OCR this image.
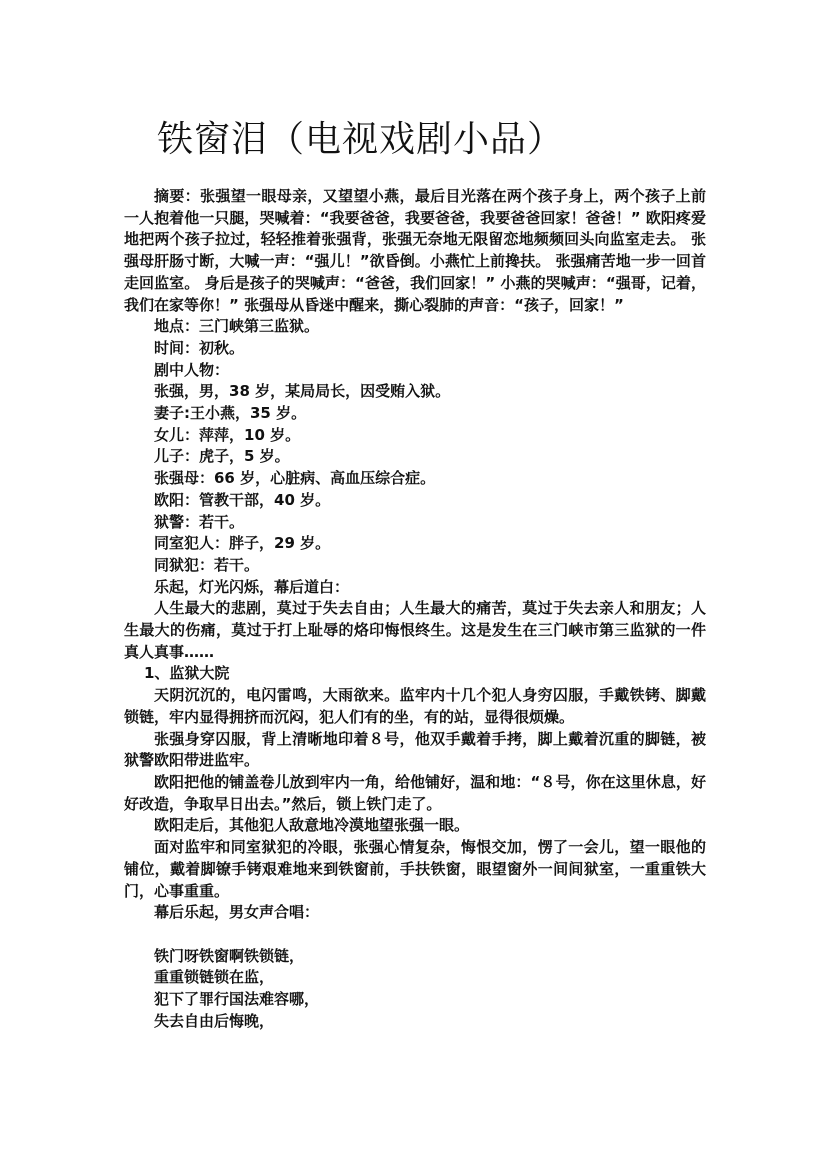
铁窗泪（电视戏剧小品）

摘要：张强望一眼母亲，又望望小燕，最后目光落在两个孩子身上，两个孩子上前一人抱着他一只腿，哭喊着：“我要爸爸，我要爸爸，我要爸爸回家！爸爸！” 欧阳疼爱地把两个孩子拉过，轻轻推着张强背，张强无奈地无限留恋地频频回头向监室走去。 张强母肝肠寸断，大喊一声：“强儿！”欲昏倒。小燕忙上前搀扶。 张强痛苦地一步一回首走回监室。 身后是孩子的哭喊声：“爸爸，我们回家！” 小燕的哭喊声：“强哥，记着，我们在家等你！” 张强母从昏迷中醒来，撕心裂肺的声音：“孩子，回家！”

地点：三门峡第三监狱。

时间：初秋。

剧中人物：

张强，男，38 岁，某局局长，因受贿入狱。

妻子:王小燕，35 岁。

女儿：萍萍，10 岁。

儿子：虎子，5 岁。

张强母：66 岁，心脏病、高血压综合症。

欧阳：管教干部，40 岁。

狱警：若干。

同室犯人：胖子，29 岁。

同狱犯：若干。

乐起，灯光闪烁，幕后道白：

人生最大的悲剧，莫过于失去自由；人生最大的痛苦，莫过于失去亲人和朋友；人生最大的伤痛，莫过于打上耻辱的烙印悔恨终生。这是发生在三门峡市第三监狱的一件真人真事……

1、监狱大院

天阴沉沉的，电闪雷鸣，大雨欲来。监牢内十几个犯人身穷囚服，手戴铁铐、脚戴锁链，牢内显得拥挤而沉闷，犯人们有的坐，有的站，显得很烦燥。

张强身穿囚服，背上清晰地印着８号，他双手戴着手拷，脚上戴着沉重的脚链，被狱警欧阳带进监牢。

欧阳把他的铺盖卷儿放到牢内一角，给他铺好，温和地：“８号，你在这里休息，好好改造，争取早日出去。”然后，锁上铁门走了。

欧阳走后，其他犯人敌意地冷漠地望张强一眼。

面对监牢和同室狱犯的冷眼，张强心情复杂，悔恨交加，愣了一会儿，望一眼他的铺位，戴着脚镣手铐艰难地来到铁窗前，手扶铁窗，眼望窗外一间间狱室，一重重铁大门，心事重重。

幕后乐起，男女声合唱：

铁门呀铁窗啊铁锁链，

重重锁链锁在监，

犯下了罪行国法难容哪，

失去自由后悔晚，
